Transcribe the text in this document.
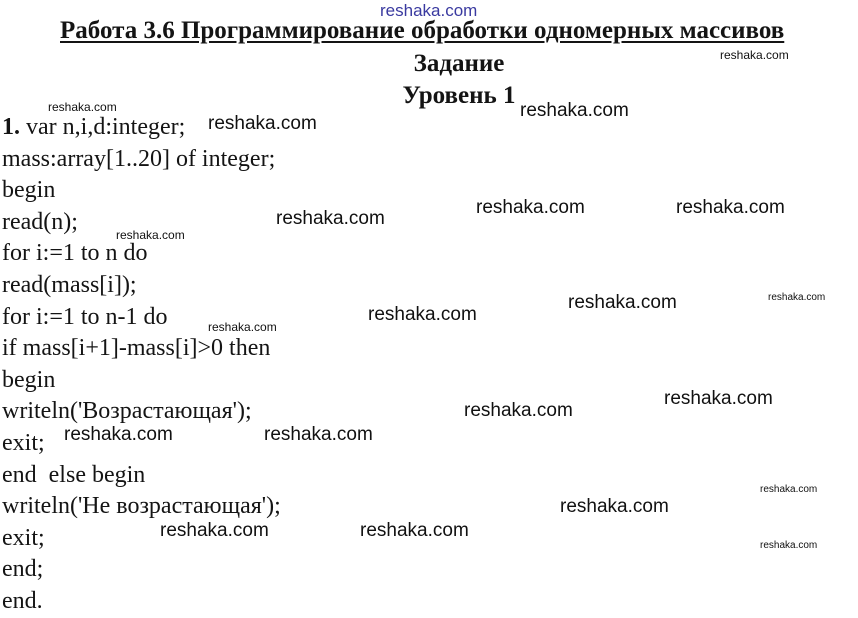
Работа 3.6 Программирование обработки одномерных массивов
Задание
Уровень 1
1. var n,i,d:integer;
mass:array[1..20] of integer;
begin
read(n);
for i:=1 to n do
read(mass[i]);
for i:=1 to n-1 do
if mass[i+1]-mass[i]>0 then
begin
writeln('Возрастающая');
exit;
end  else begin
writeln('Не возрастающая');
exit;
end;
end.
reshaka.com
reshaka.com
reshaka.com	reshaka.com
reshaka.com
reshaka.com	reshaka.com
reshaka.com
reshaka.com
reshaka.com	reshaka.com
reshaka.com
reshaka.com
reshaka.com
reshaka.com
reshaka.com	reshaka.com
reshaka.com
reshaka.com
reshaka.com	reshaka.com
reshaka.com
